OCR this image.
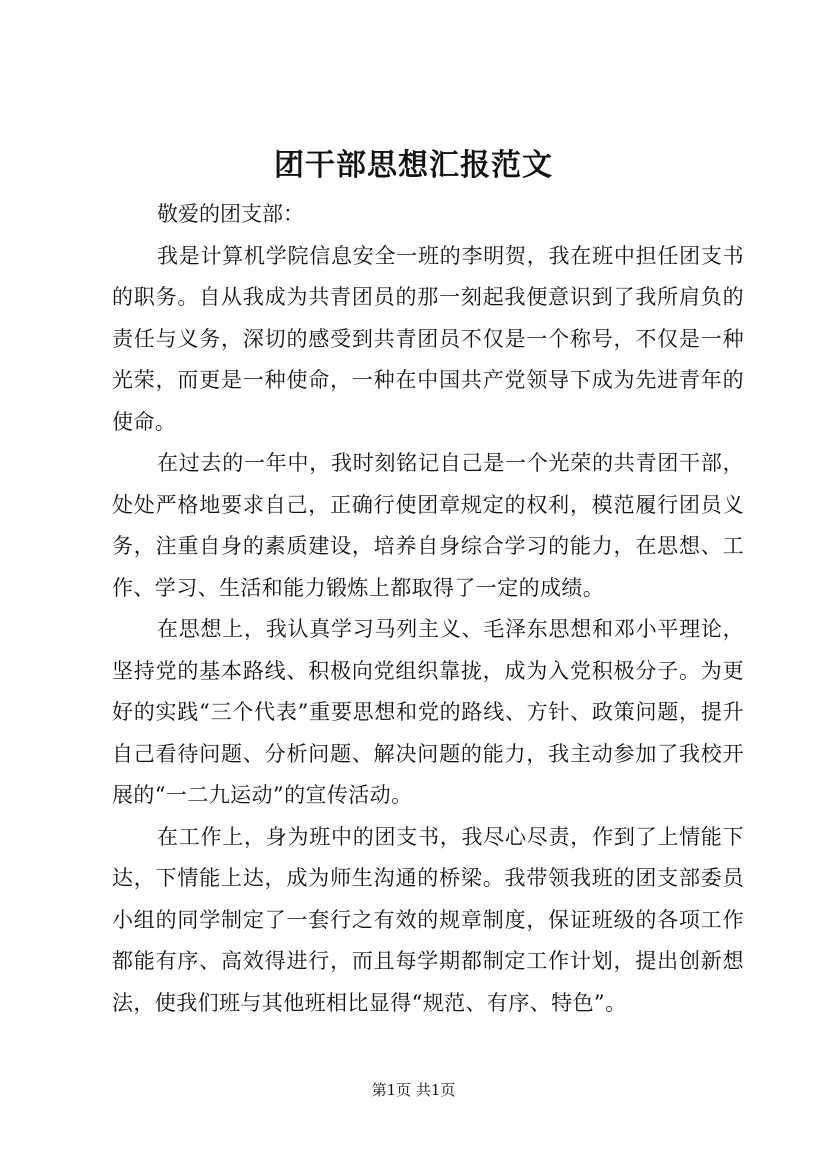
团干部思想汇报范文

敬爱的团支部：

我是计算机学院信息安全一班的李明贺，我在班中担任团支书的职务。自从我成为共青团员的那一刻起我便意识到了我所肩负的责任与义务，深切的感受到共青团员不仅是一个称号，不仅是一种光荣，而更是一种使命，一种在中国共产党领导下成为先进青年的使命。

在过去的一年中，我时刻铭记自己是一个光荣的共青团干部，处处严格地要求自己，正确行使团章规定的权利，模范履行团员义务，注重自身的素质建设，培养自身综合学习的能力，在思想、工作、学习、生活和能力锻炼上都取得了一定的成绩。

在思想上，我认真学习马列主义、毛泽东思想和邓小平理论，坚持党的基本路线、积极向党组织靠拢，成为入党积极分子。为更好的实践“三个代表”重要思想和党的路线、方针、政策问题，提升自己看待问题、分析问题、解决问题的能力，我主动参加了我校开展的“一二九运动”的宣传活动。

在工作上，身为班中的团支书，我尽心尽责，作到了上情能下达，下情能上达，成为师生沟通的桥梁。我带领我班的团支部委员小组的同学制定了一套行之有效的规章制度，保证班级的各项工作都能有序、高效得进行，而且每学期都制定工作计划，提出创新想法，使我们班与其他班相比显得“规范、有序、特色”。

第1页 共1页
